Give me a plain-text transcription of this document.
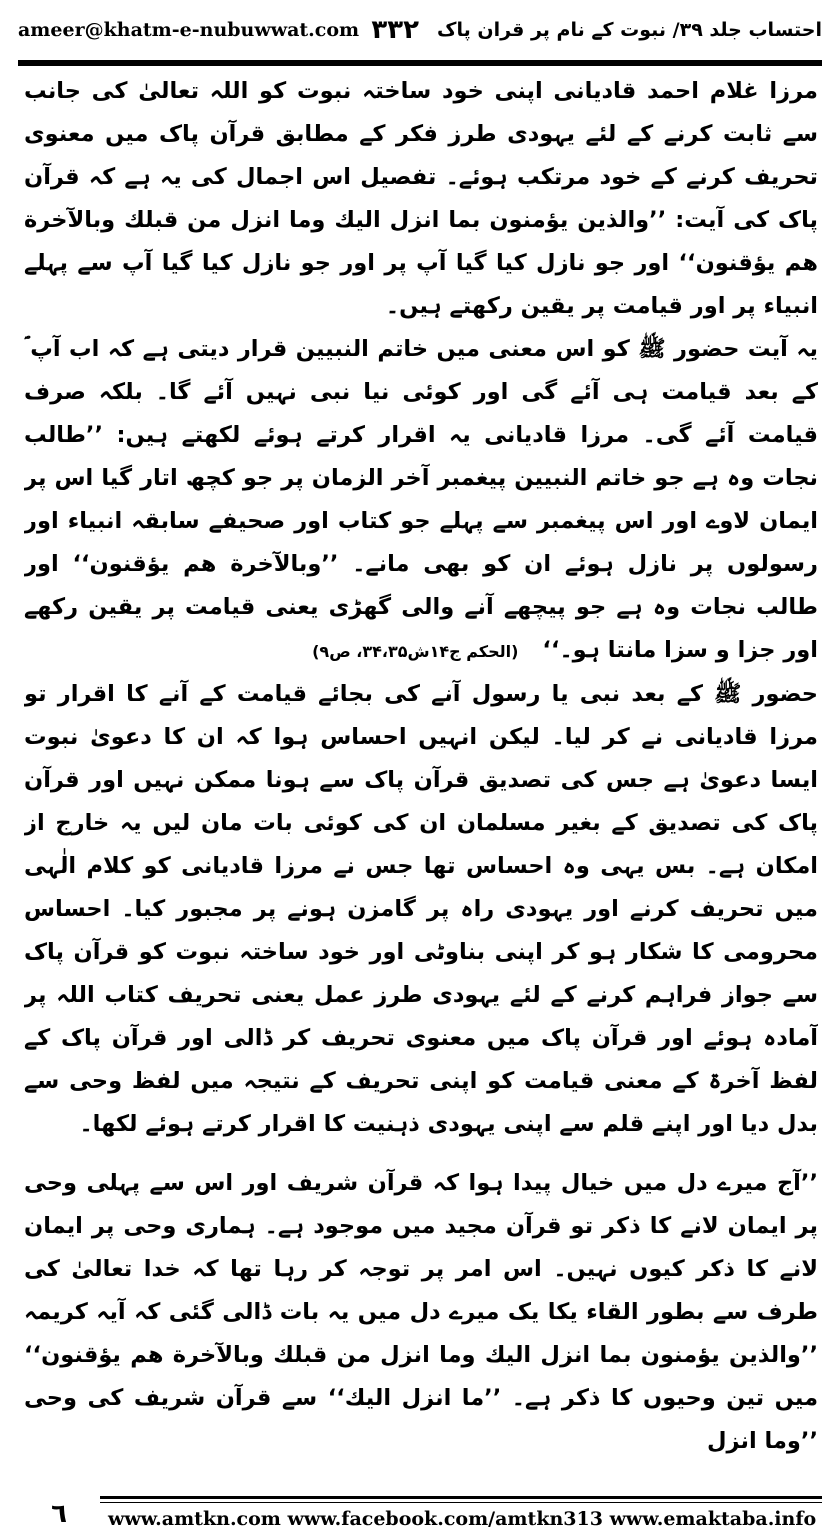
ameer@khatm-e-nubuwwat.com	احتساب جلد ۳۹/ نبوت کے نام پر قران پاک
۳۳۲

مرزا غلام احمد قادیانی اپنی خود ساختہ نبوت کو اللہ تعالیٰ کی جانب سے ثابت کرنے کے لئے یہودی طرز فکر کے مطابق قرآن پاک میں معنوی تحریف کرنے کے خود مرتکب ہوئے۔ تفصیل اس اجمال کی یہ ہے کہ قرآن پاک کی آیت: ’’والذین یؤمنون بما انزل الیك وما انزل من قبلك وبالآخرة هم یؤقنون‘‘ اور جو نازل کیا گیا آپ پر اور جو نازل کیا گیا آپ سے پہلے انبیاء پر اور قیامت پر یقین رکھتے ہیں۔

یہ آیت حضور ﷺ کو اس معنی میں خاتم النبیین قرار دیتی ہے کہ اب آپ ؐ کے بعد قیامت ہی آئے گی اور کوئی نیا نبی نہیں آئے گا۔ بلکہ صرف قیامت آئے گی۔ مرزا قادیانی یہ اقرار کرتے ہوئے لکھتے ہیں: ’’طالب نجات وہ ہے جو خاتم النبیین پیغمبر آخر الزمان پر جو کچھ اتار گیا اس پر ایمان لاوے اور اس پیغمبر سے پہلے جو کتاب اور صحیفے سابقہ انبیاء اور رسولوں پر نازل ہوئے ان کو بھی مانے۔ ’’وبالآخرة هم یؤقنون‘‘ اور طالب نجات وہ ہے جو پیچھے آنے والی گھڑی یعنی قیامت پر یقین رکھے اور جزا و سزا مانتا ہو۔‘‘(الحکم ج۱۴ش۳۴،۳۵، ص۹)

حضور ﷺ کے بعد نبی یا رسول آنے کی بجائے قیامت کے آنے کا اقرار تو مرزا قادیانی نے کر لیا۔ لیکن انہیں احساس ہوا کہ ان کا دعویٰ نبوت ایسا دعویٰ ہے جس کی تصدیق قرآن پاک سے ہونا ممکن نہیں اور قرآن پاک کی تصدیق کے بغیر مسلمان ان کی کوئی بات مان لیں یہ خارج از امکان ہے۔ بس یہی وہ احساس تھا جس نے مرزا قادیانی کو کلام الٰہی میں تحریف کرنے اور یہودی راہ پر گامزن ہونے پر مجبور کیا۔ احساس محرومی کا شکار ہو کر اپنی بناوٹی اور خود ساختہ نبوت کو قرآن پاک سے جواز فراہم کرنے کے لئے یہودی طرز عمل یعنی تحریف کتاب اللہ پر آمادہ ہوئے اور قرآن پاک میں معنوی تحریف کر ڈالی اور قرآن پاک کے لفظ آخرۃ کے معنی قیامت کو اپنی تحریف کے نتیجہ میں لفظ وحی سے بدل دیا اور اپنے قلم سے اپنی یہودی ذہنیت کا اقرار کرتے ہوئے لکھا۔

’’آج میرے دل میں خیال پیدا ہوا کہ قرآن شریف اور اس سے پہلی وحی پر ایمان لانے کا ذکر تو قرآن مجید میں موجود ہے۔ ہماری وحی پر ایمان لانے کا ذکر کیوں نہیں۔ اس امر پر توجہ کر رہا تھا کہ خدا تعالیٰ کی طرف سے بطور القاء یکا یک میرے دل میں یہ بات ڈالی گئی کہ آیہ کریمہ ’’والذین یؤمنون بما انزل الیك وما انزل من قبلك وبالآخرة هم یؤقنون‘‘ میں تین وحیوں کا ذکر ہے۔ ’’ما انزل الیك‘‘ سے قرآن شریف کی وحی ’’وما انزل

٦ www.amtkn.com www.facebook.com/amtkn313 www.emaktaba.info
